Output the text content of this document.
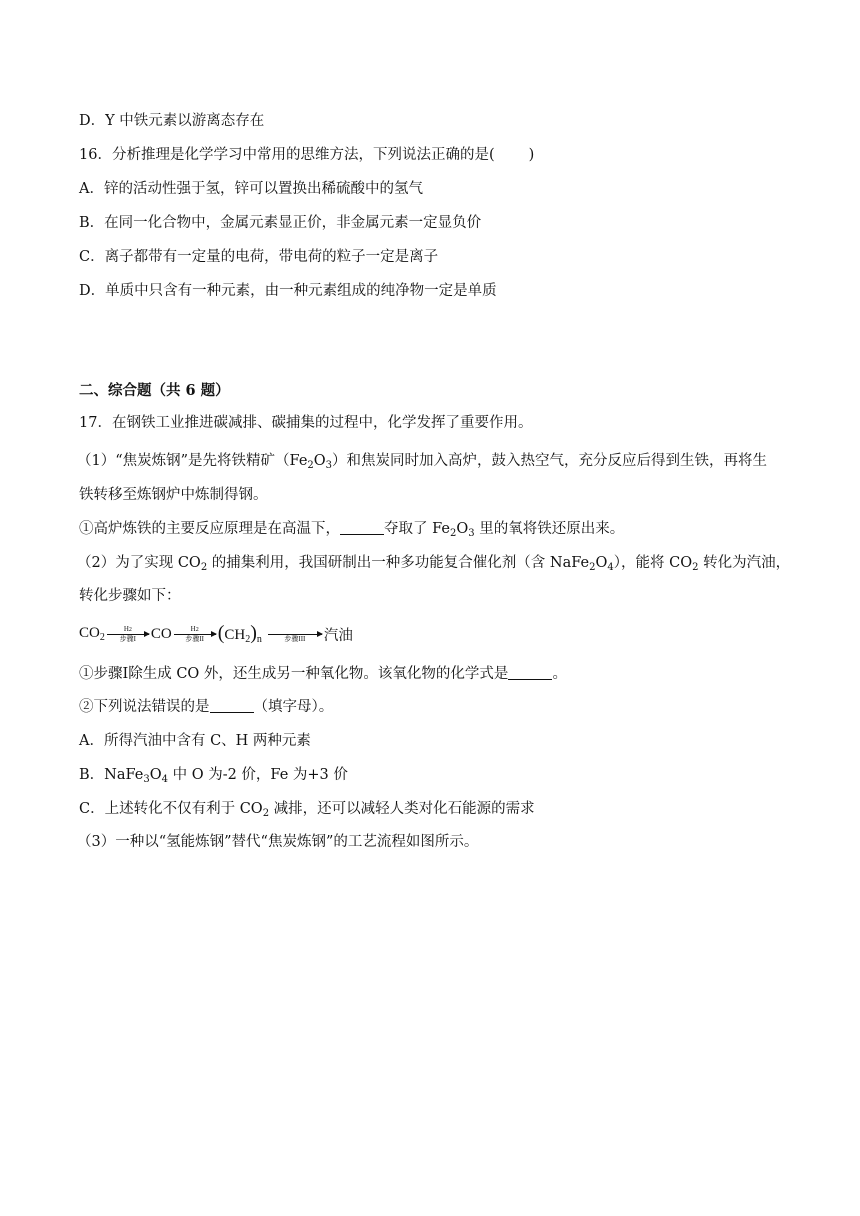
D．Y 中铁元素以游离态存在
16．分析推理是化学学习中常用的思维方法，下列说法正确的是( )
A．锌的活动性强于氢，锌可以置换出稀硫酸中的氢气
B．在同一化合物中，金属元素显正价，非金属元素一定显负价
C．离子都带有一定量的电荷，带电荷的粒子一定是离子
D．单质中只含有一种元素，由一种元素组成的纯净物一定是单质
二、综合题（共 6 题）
17．在钢铁工业推进碳减排、碳捕集的过程中，化学发挥了重要作用。
（1）“焦炭炼钢”是先将铁精矿$(Fe_2O_3)$和焦炭同时加入高炉，鼓入热空气，充分反应后得到生铁，再将生
铁转移至炼钢炉中炼制得钢。
①高炉炼铁的主要反应原理是在高温下，	夺取了 $Fe_2O_3$ 里的氧将铁还原出来。
（2）为了实现 $CO_2$ 的捕集利用，我国研制出一种多功能复合催化剂（含 $NaFe_2O_4$），能将 $CO_2$ 转化为汽油，
转化步骤如下：
$CO_2$
H2
步骤I CO	H2
步骤II $(CH_2)_n$
	步骤III 汽油
①步骤Ⅰ除生成 CO 外，还生成另一种氧化物。该氧化物的化学式是	。
②下列说法错误的是	（填字母）。
A．所得汽油中含有 C、H 两种元素
B．$NaFe_3O_4$ 中 O 为-2 价，Fe 为+3 价
C．上述转化不仅有利于 $CO_2$ 减排，还可以减轻人类对化石能源的需求
（3）一种以“氢能炼钢”替代“焦炭炼钢”的工艺流程如图所示。
